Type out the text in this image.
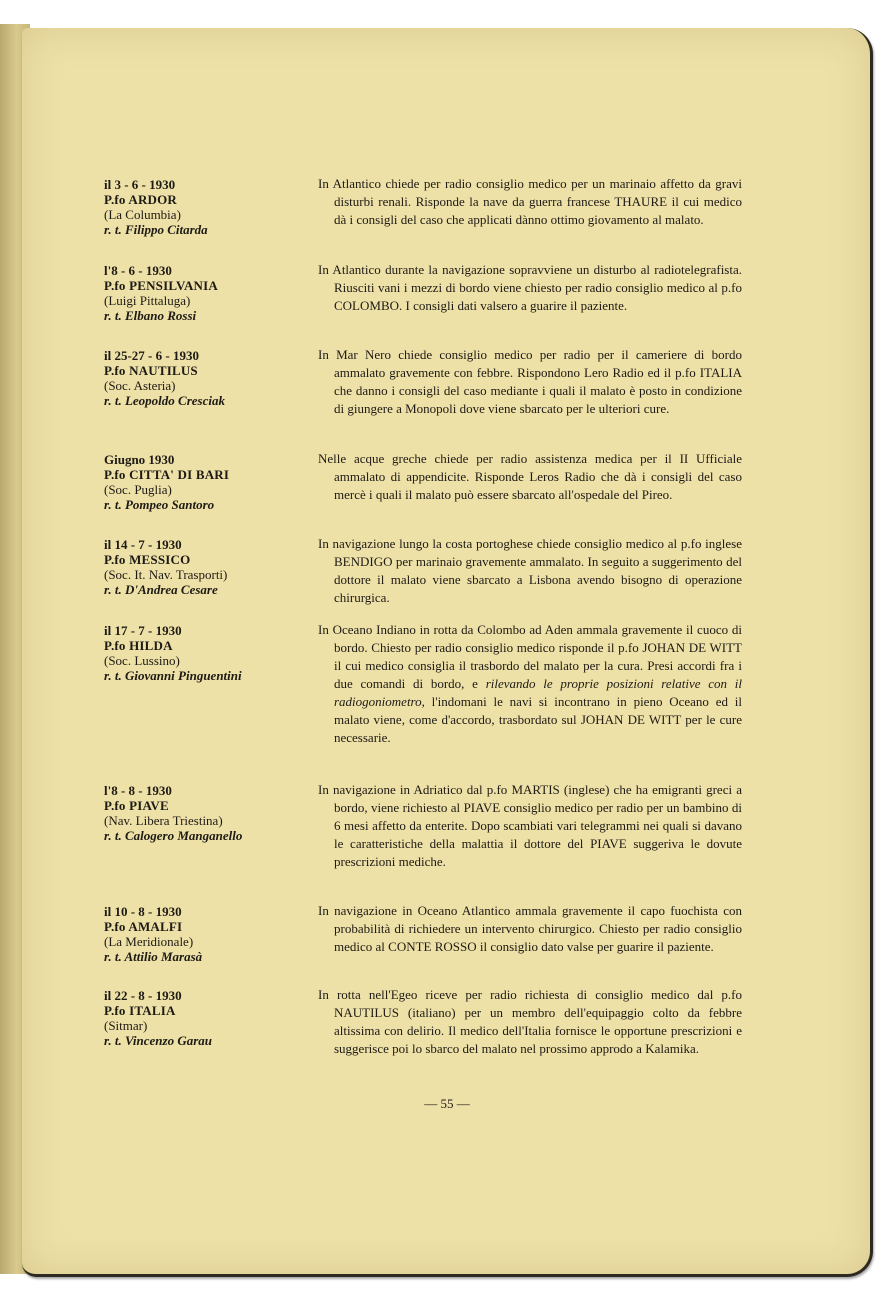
il 3 - 6 - 1930
P.fo ARDOR
(La Columbia)
r. t. Filippo Citarda
In Atlantico chiede per radio consiglio medico per un marinaio affetto da gravi disturbi renali. Risponde la nave da guerra francese THAURE il cui medico dà i consigli del caso che applicati dànno ottimo giovamento al malato.
l'8 - 6 - 1930
P.fo PENSILVANIA
(Luigi Pittaluga)
r. t. Elbano Rossi
In Atlantico durante la navigazione sopravviene un disturbo al radiotelegrafista. Riusciti vani i mezzi di bordo viene chiesto per radio consiglio medico al p.fo COLOMBO. I consigli dati valsero a guarire il paziente.
il 25-27 - 6 - 1930
P.fo NAUTILUS
(Soc. Asteria)
r. t. Leopoldo Cresciak
In Mar Nero chiede consiglio medico per radio per il cameriere di bordo ammalato gravemente con febbre. Rispondono Lero Radio ed il p.fo ITALIA che danno i consigli del caso mediante i quali il malato è posto in condizione di giungere a Monopoli dove viene sbarcato per le ulteriori cure.
Giugno 1930
P.fo CITTA' DI BARI
(Soc. Puglia)
r. t. Pompeo Santoro
Nelle acque greche chiede per radio assistenza medica per il II Ufficiale ammalato di appendicite. Risponde Leros Radio che dà i consigli del caso mercè i quali il malato può essere sbarcato all'ospedale del Pireo.
il 14 - 7 - 1930
P.fo MESSICO
(Soc. It. Nav. Trasporti)
r. t. D'Andrea Cesare
In navigazione lungo la costa portoghese chiede consiglio medico al p.fo inglese BENDIGO per marinaio gravemente ammalato. In seguito a suggerimento del dottore il malato viene sbarcato a Lisbona avendo bisogno di operazione chirurgica.
il 17 - 7 - 1930
P.fo HILDA
(Soc. Lussino)
r. t. Giovanni Pinguentini
In Oceano Indiano in rotta da Colombo ad Aden ammala gravemente il cuoco di bordo. Chiesto per radio consiglio medico risponde il p.fo JOHAN DE WITT il cui medico consiglia il trasbordo del malato per la cura. Presi accordi fra i due comandi di bordo, e rilevando le proprie posizioni relative con il radiogoniometro, l'indomani le navi si incontrano in pieno Oceano ed il malato viene, come d'accordo, trasbordato sul JOHAN DE WITT per le cure necessarie.
l'8 - 8 - 1930
P.fo PIAVE
(Nav. Libera Triestina)
r. t. Calogero Manganello
In navigazione in Adriatico dal p.fo MARTIS (inglese) che ha emigranti greci a bordo, viene richiesto al PIAVE consiglio medico per radio per un bambino di 6 mesi affetto da enterite. Dopo scambiati vari telegrammi nei quali si davano le caratteristiche della malattia il dottore del PIAVE suggeriva le dovute prescrizioni mediche.
il 10 - 8 - 1930
P.fo AMALFI
(La Meridionale)
r. t. Attilio Marasà
In navigazione in Oceano Atlantico ammala gravemente il capo fuochista con probabilità di richiedere un intervento chirurgico. Chiesto per radio consiglio medico al CONTE ROSSO il consiglio dato valse per guarire il paziente.
il 22 - 8 - 1930
P.fo ITALIA
(Sitmar)
r. t. Vincenzo Garau
In rotta nell'Egeo riceve per radio richiesta di consiglio medico dal p.fo NAUTILUS (italiano) per un membro dell'equipaggio colto da febbre altissima con delirio. Il medico dell'Italia fornisce le opportune prescrizioni e suggerisce poi lo sbarco del malato nel prossimo approdo a Kalamika.
— 55 —
